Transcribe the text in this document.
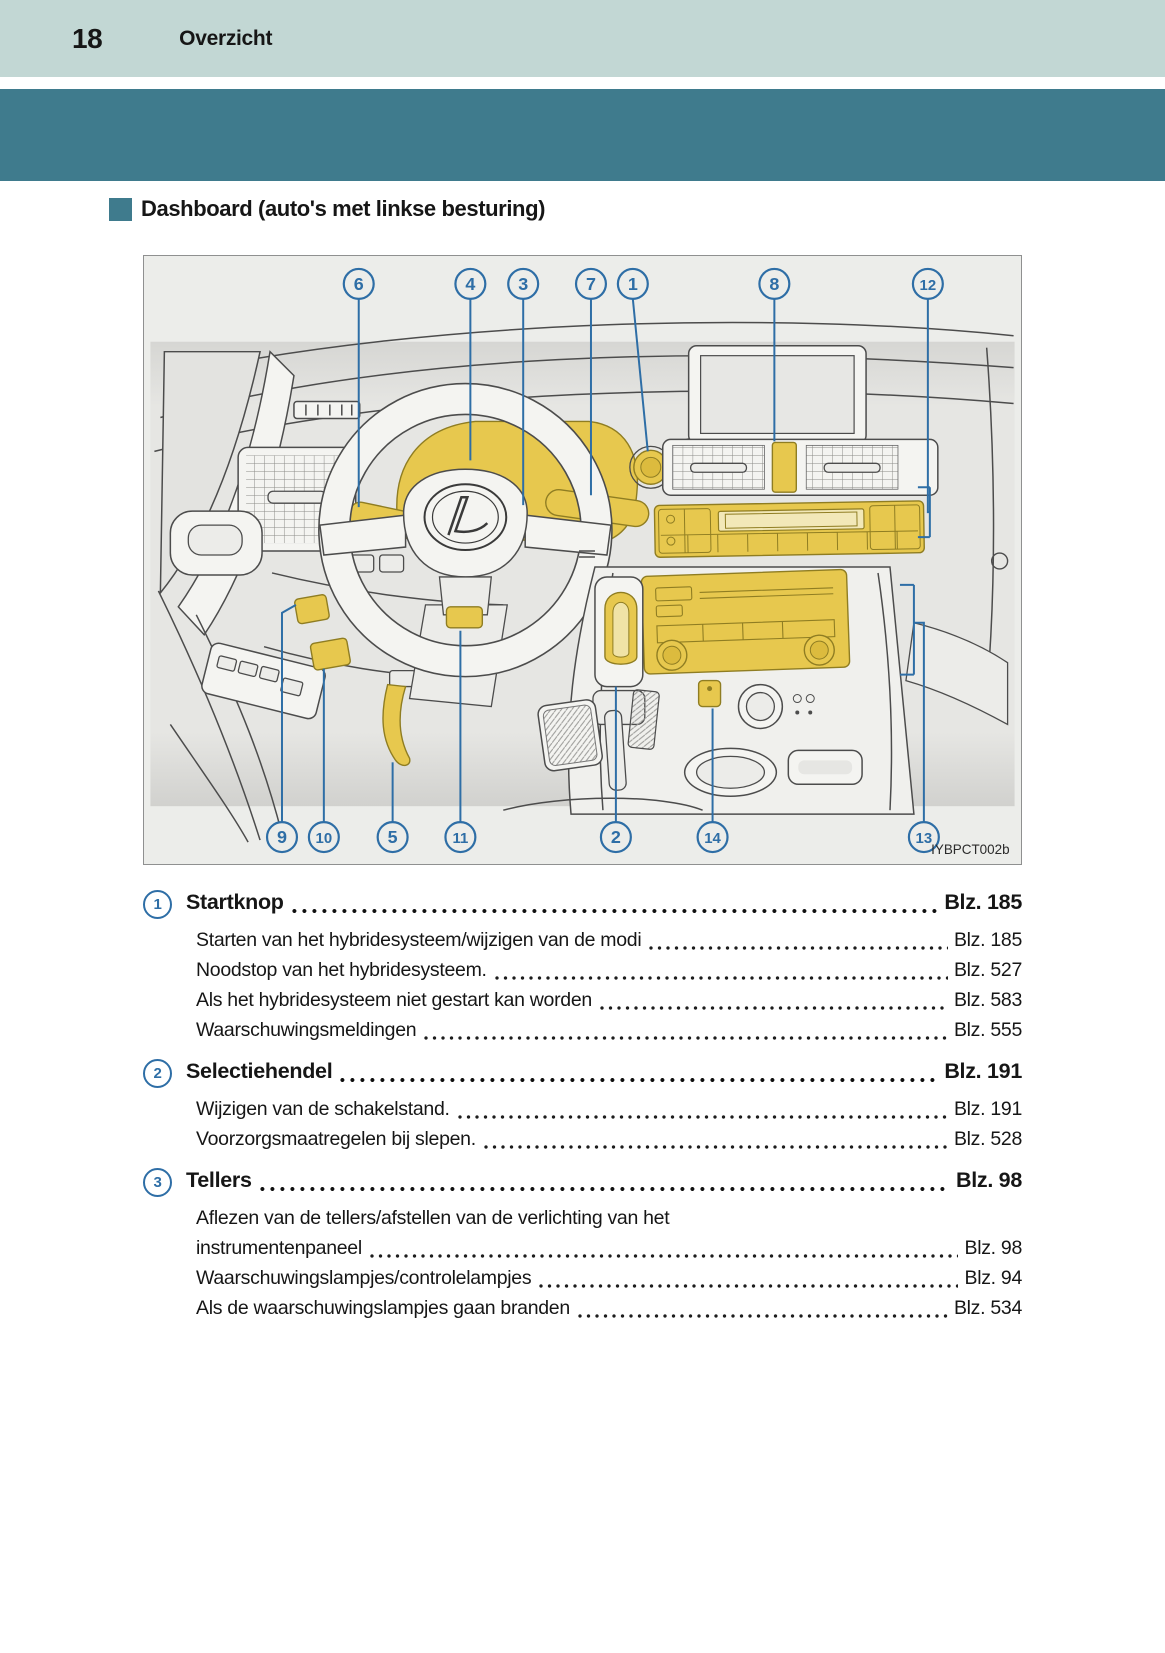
18	Overzicht
Dashboard (auto's met linkse besturing)
6	4 3	7 1	8	12
9 10	5	11	2	14	13
IYBPCT002b
1	Startknop	Blz. 185
Starten van het hybridesysteem/wijzigen van de modi	Blz. 185
Noodstop van het hybridesysteem.	Blz. 527
Als het hybridesysteem niet gestart kan worden	Blz. 583
Waarschuwingsmeldingen	Blz. 555
2	Selectiehendel	Blz. 191
Wijzigen van de schakelstand.	Blz. 191
Voorzorgsmaatregelen bij slepen.	Blz. 528
3	Tellers	Blz. 98
Aflezen van de tellers/afstellen van de verlichting van het
instrumentenpaneel	Blz. 98
Waarschuwingslampjes/controlelampjes	Blz. 94
Als de waarschuwingslampjes gaan branden	Blz. 534
